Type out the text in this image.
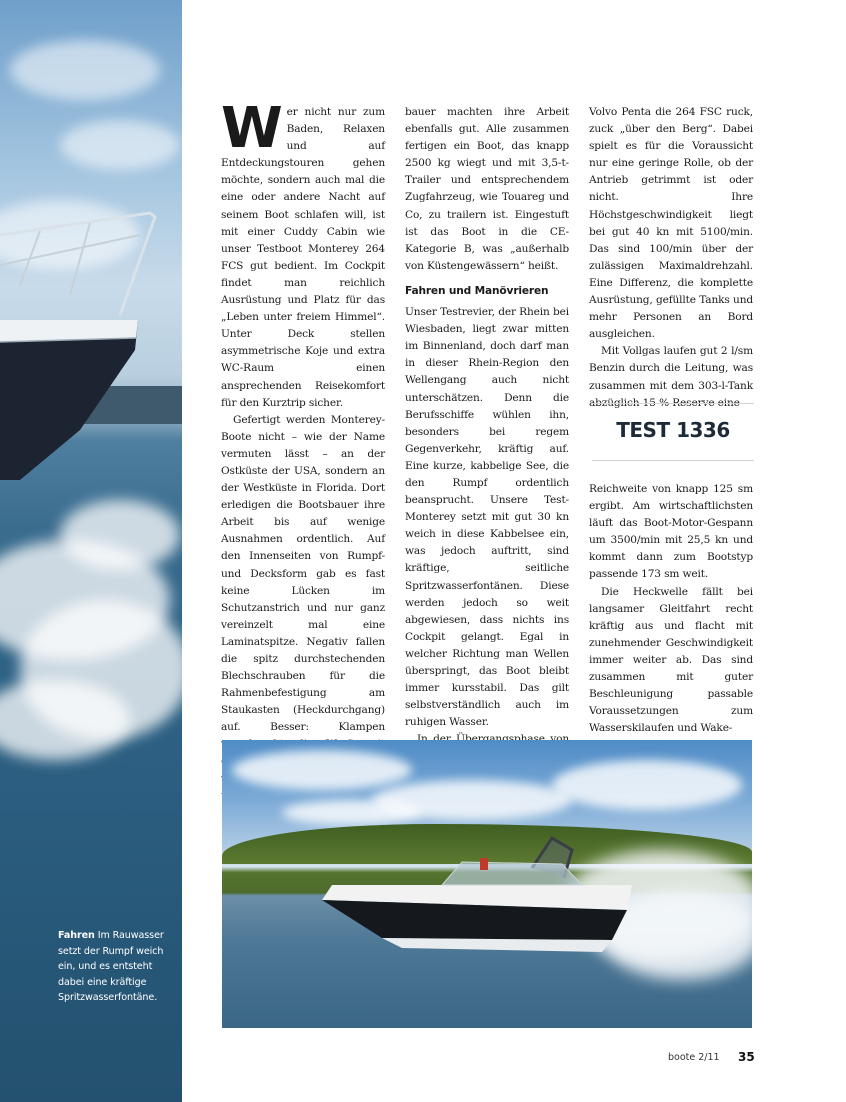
Fahren Im Rauwasser setzt der Rumpf weich ein, und es entsteht dabei eine kräftige Spritzwasserfontäne.

Wer nicht nur zum Baden, Relaxen und auf Entdeckungstouren gehen möchte, sondern auch mal die eine oder andere Nacht auf seinem Boot schlafen will, ist mit einer Cuddy Cabin wie unser Testboot Monterey 264 FCS gut bedient. Im Cockpit findet man reichlich Ausrüstung und Platz für das „Leben unter freiem Himmel“. Unter Deck stellen asymmetrische Koje und extra WC-Raum einen ansprechenden Reisekomfort für den Kurztrip sicher.

Gefertigt werden Monterey-Boote nicht – wie der Name vermuten lässt – an der Ostküste der USA, sondern an der Westküste in Florida. Dort erledigen die Bootsbauer ihre Arbeit bis auf wenige Ausnahmen ordentlich. Auf den Innenseiten von Rumpf- und Decksform gab es fast keine Lücken im Schutzanstrich und nur ganz vereinzelt mal eine Laminatspitze. Negativ fallen die spitz durchstechenden Blechschrauben für die Rahmenbefestigung am Staukasten (Heckdurchgang) auf. Besser: Klampen

bauer machten ihre Arbeit ebenfalls gut. Alle zusammen fertigen ein Boot, das knapp 2500 kg wiegt und mit 3,5-t-Trailer und entsprechendem Zugfahrzeug, wie Touareg und Co, zu trailern ist. Eingestuft ist das Boot in die CE-Kategorie B, was „außerhalb von Küstengewässern“ heißt.

Fahren und Manövrieren

Unser Testrevier, der Rhein bei Wiesbaden, liegt zwar mitten im Binnenland, doch darf man in dieser Rhein-Region den Wellengang auch nicht unterschätzen. Denn die Berufsschiffe wühlen ihn, besonders bei regem Gegenverkehr, kräftig auf. Eine kurze, kabbelige See, die den Rumpf ordentlich beansprucht. Unsere Test-Monterey setzt mit gut 30 kn weich in diese Kabbelsee ein, was jedoch auftritt, sind kräftige, seitliche Spritzwasserfontänen. Diese werden jedoch so weit abgewiesen, dass nichts ins Cockpit gelangt. Egal in welcher Richtung man Wellen überspringt, das Boot bleibt immer kursstabil. Das gilt selbstverständlich auch im ruhigen Wasser.

Volvo Penta die 264 FSC ruck, zuck „über den Berg“. Dabei spielt es für die Voraussicht nur eine geringe Rolle, ob der Antrieb getrimmt ist oder nicht. Ihre Höchstgeschwindigkeit liegt bei gut 40 kn mit 5100/min. Das sind 100/min über der zulässigen Maximaldrehzahl. Eine Differenz, die komplette Ausrüstung, gefüllte Tanks und mehr Personen an Bord ausgleichen.

Mit Vollgas laufen gut 2 l/sm Benzin durch die Leitung, was zusammen mit dem 303-l-Tank abzüglich 15 % Reserve eine

TEST 1336

Reichweite von knapp 125 sm ergibt. Am wirtschaftlichsten läuft das Boot-Motor-Gespann um 3500/min mit 25,5 kn und kommt dann zum Bootstyp passende 173 sm weit.

Die Heckwelle fällt bei langsamer Gleitfahrt recht kräftig aus und flacht mit zunehmender Geschwindigkeit immer weiter ab. Das sind zusammen mit guter Beschleunigung passable Voraussetzungen zum Wasserskilaufen und Wake-

boote 2/11 35
